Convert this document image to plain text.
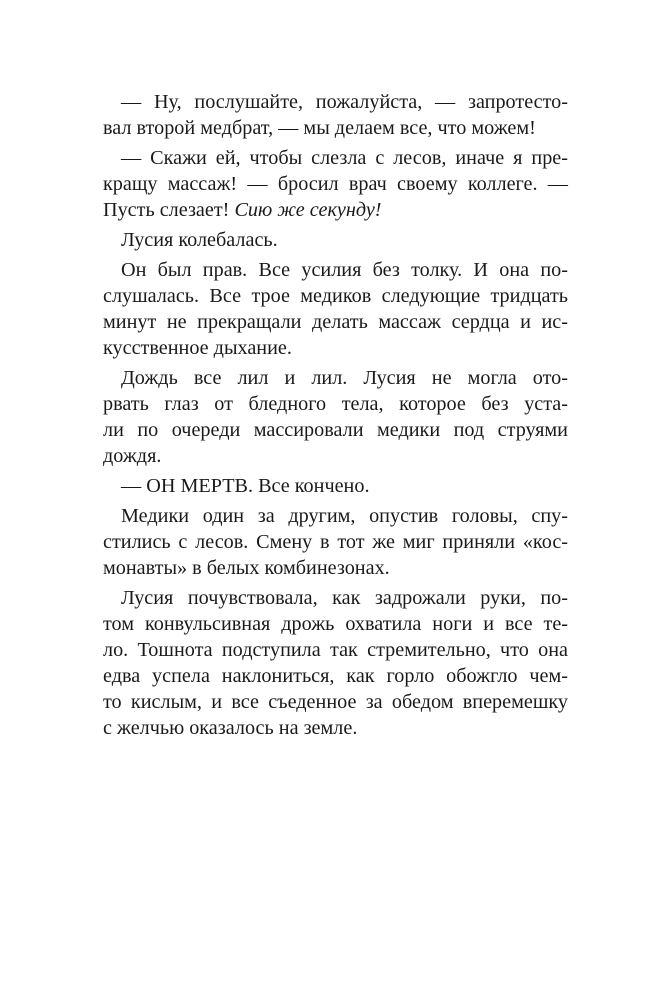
— Ну, послушайте, пожалуйста, — запротесто-
вал второй медбрат, — мы делаем все, что можем!
— Скажи ей, чтобы слезла с лесов, иначе я пре-
кращу массаж! — бросил врач своему коллеге. —
Пусть слезает! Сию же секунду!
Лусия колебалась.
Он был прав. Все усилия без толку. И она по-
слушалась. Все трое медиков следующие тридцать
минут не прекращали делать массаж сердца и ис-
кусственное дыхание.
Дождь все лил и лил. Лусия не могла ото-
рвать глаз от бледного тела, которое без уста-
ли по очереди массировали медики под струями
дождя.
— ОН МЕРТВ. Все кончено.
Медики один за другим, опустив головы, спу-
стились с лесов. Смену в тот же миг приняли «кос-
монавты» в белых комбинезонах.
Лусия почувствовала, как задрожали руки, по-
том конвульсивная дрожь охватила ноги и все те-
ло. Тошнота подступила так стремительно, что она
едва успела наклониться, как горло обожгло чем-
то кислым, и все съеденное за обедом вперемешку
с желчью оказалось на земле.
